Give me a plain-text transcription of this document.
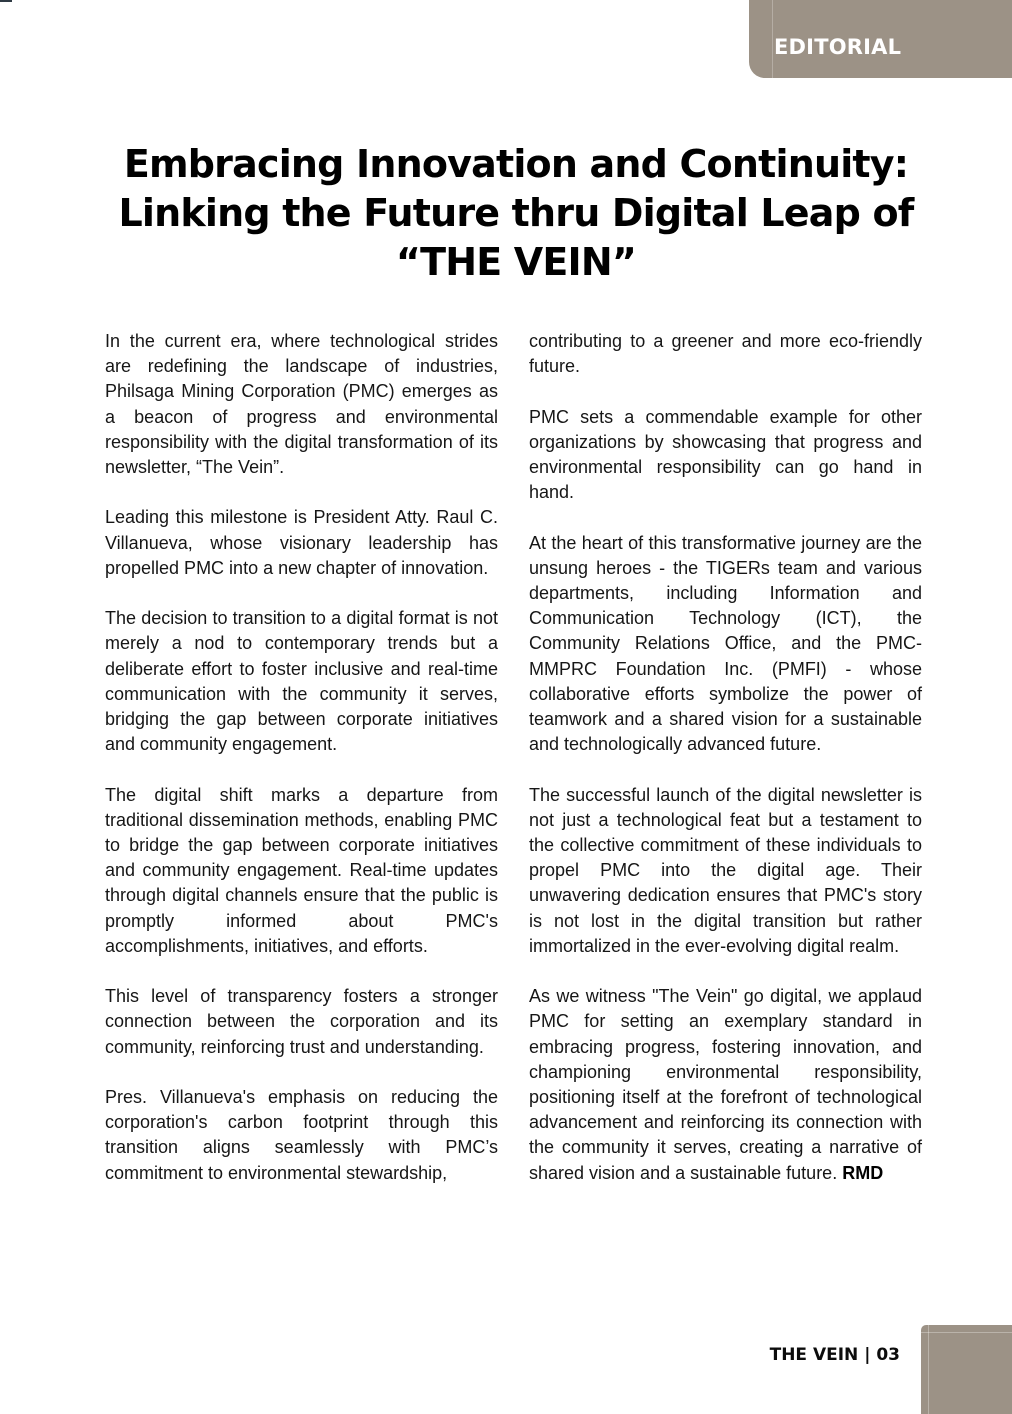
EDITORIAL
Embracing Innovation and Continuity: Linking the Future thru Digital Leap of “THE VEIN”

In the current era, where technological strides are redefining the landscape of industries, Philsaga Mining Corporation (PMC) emerges as a beacon of progress and environmental responsibility with the digital transformation of its newsletter, “The Vein”.

Leading this milestone is President Atty. Raul C. Villanueva, whose visionary leadership has propelled PMC into a new chapter of innovation.

The decision to transition to a digital format is not merely a nod to contemporary trends but a deliberate effort to foster inclusive and real-time communication with the community it serves, bridging the gap between corporate initiatives and community engagement.

The digital shift marks a departure from traditional dissemination methods, enabling PMC to bridge the gap between corporate initiatives and community engagement. Real-time updates through digital channels ensure that the public is promptly informed about PMC's accomplishments, initiatives, and efforts.

This level of transparency fosters a stronger connection between the corporation and its community, reinforcing trust and understanding.

Pres. Villanueva's emphasis on reducing the corporation's carbon footprint through this transition aligns seamlessly with PMC’s commitment to environmental stewardship,

contributing to a greener and more eco-friendly future.

PMC sets a commendable example for other organizations by showcasing that progress and environmental responsibility can go hand in hand.

At the heart of this transformative journey are the unsung heroes - the TIGERs team and various departments, including Information and Communication Technology (ICT), the Community Relations Office, and the PMC-MMPRC Foundation Inc. (PMFI) - whose collaborative efforts symbolize the power of teamwork and a shared vision for a sustainable and technologically advanced future.

The successful launch of the digital newsletter is not just a technological feat but a testament to the collective commitment of these individuals to propel PMC into the digital age. Their unwavering dedication ensures that PMC's story is not lost in the digital transition but rather immortalized in the ever-evolving digital realm.

As we witness "The Vein" go digital, we applaud PMC for setting an exemplary standard in embracing progress, fostering innovation, and championing environmental responsibility, positioning itself at the forefront of technological advancement and reinforcing its connection with the community it serves, creating a narrative of shared vision and a sustainable future. RMD

THE VEIN | 03
